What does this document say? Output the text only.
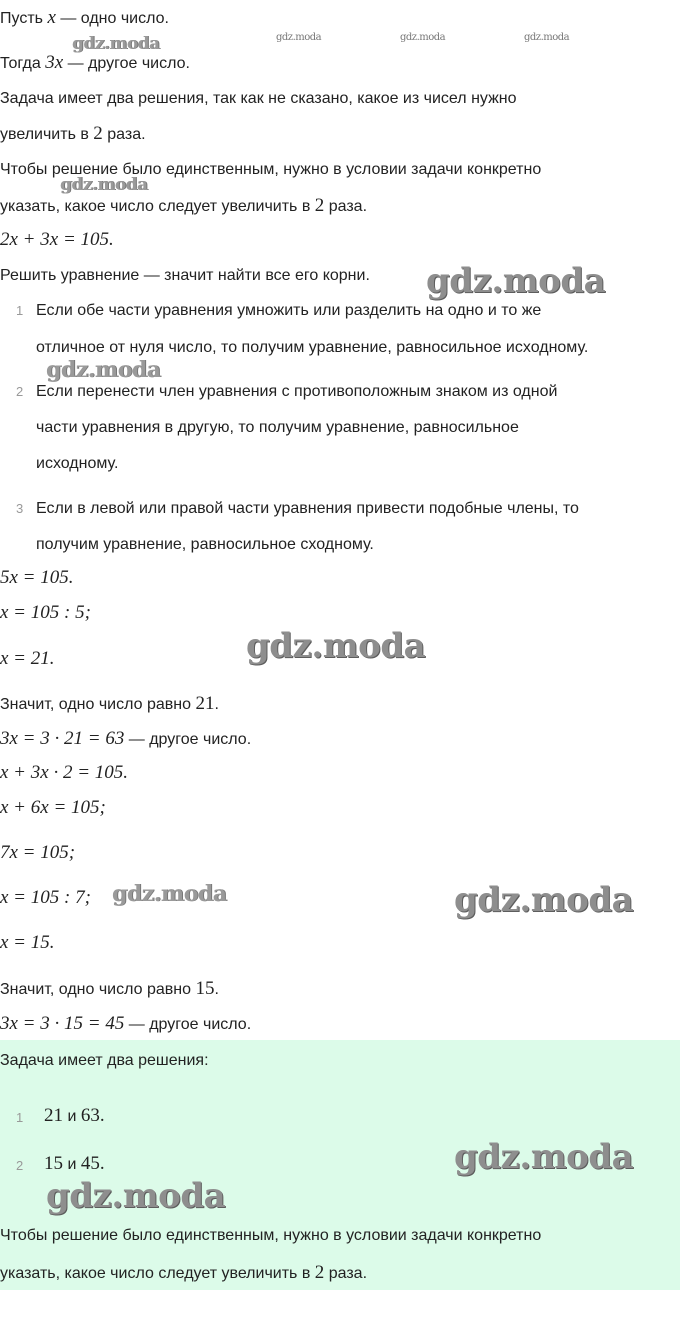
Пусть x — одно число.
Тогда 3x — другое число.
Задача имеет два решения, так как не сказано, какое из чисел нужно
увеличить в 2 раза.
Чтобы решение было единственным, нужно в условии задачи конкретно
указать, какое число следует увеличить в 2 раза.
2x + 3x = 105.
Решить уравнение — значит найти все его корни.
1 Если обе части уравнения умножить или разделить на одно и то же
отличное от нуля число, то получим уравнение, равносильное исходному.
2 Если перенести член уравнения с противоположным знаком из одной
части уравнения в другую, то получим уравнение, равносильное
исходному.
3 Если в левой или правой части уравнения привести подобные члены, то
получим уравнение, равносильное сходному.
5x = 105.
x = 105 : 5;
x = 21.
Значит, одно число равно 21.
3x = 3 · 21 = 63 — другое число.
x + 3x · 2 = 105.
x + 6x = 105;
7x = 105;
x = 105 : 7;
x = 15.
Значит, одно число равно 15.
3x = 3 · 15 = 45 — другое число.
Задача имеет два решения:
1 21 и 63.
2 15 и 45.
Чтобы решение было единственным, нужно в условии задачи конкретно
указать, какое число следует увеличить в 2 раза.
gdz.moda	gdz.moda	gdz.moda	gdz.moda
gdz.moda
gdz.moda
gdz.moda
gdz.moda
gdz.moda	gdz.moda
gdz.moda
gdz.moda
